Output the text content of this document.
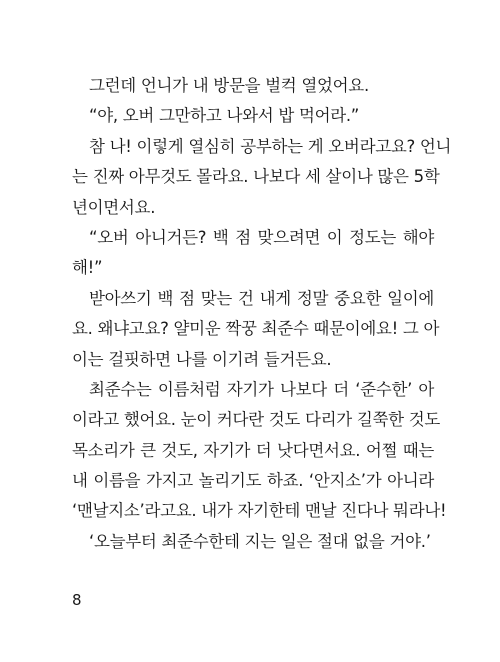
그런데 언니가 내 방문을 벌컥 열었어요.
“야, 오버 그만하고 나와서 밥 먹어라.”
참 나! 이렇게 열심히 공부하는 게 오버라고요? 언니
는 진짜 아무것도 몰라요. 나보다 세 살이나 많은 5학
년이면서요.
“오버 아니거든? 백 점 맞으려면 이 정도는 해야
해!”
받아쓰기 백 점 맞는 건 내게 정말 중요한 일이에
요. 왜냐고요? 얄미운 짝꿍 최준수 때문이에요! 그 아
이는 걸핏하면 나를 이기려 들거든요.
최준수는 이름처럼 자기가 나보다 더 ‘준수한’ 아
이라고 했어요. 눈이 커다란 것도 다리가 길쭉한 것도
목소리가 큰 것도, 자기가 더 낫다면서요. 어쩔 때는
내 이름을 가지고 놀리기도 하죠. ‘안지소’가 아니라
‘맨날지소’라고요. 내가 자기한테 맨날 진다나 뭐라나!
‘오늘부터 최준수한테 지는 일은 절대 없을 거야.’
8
